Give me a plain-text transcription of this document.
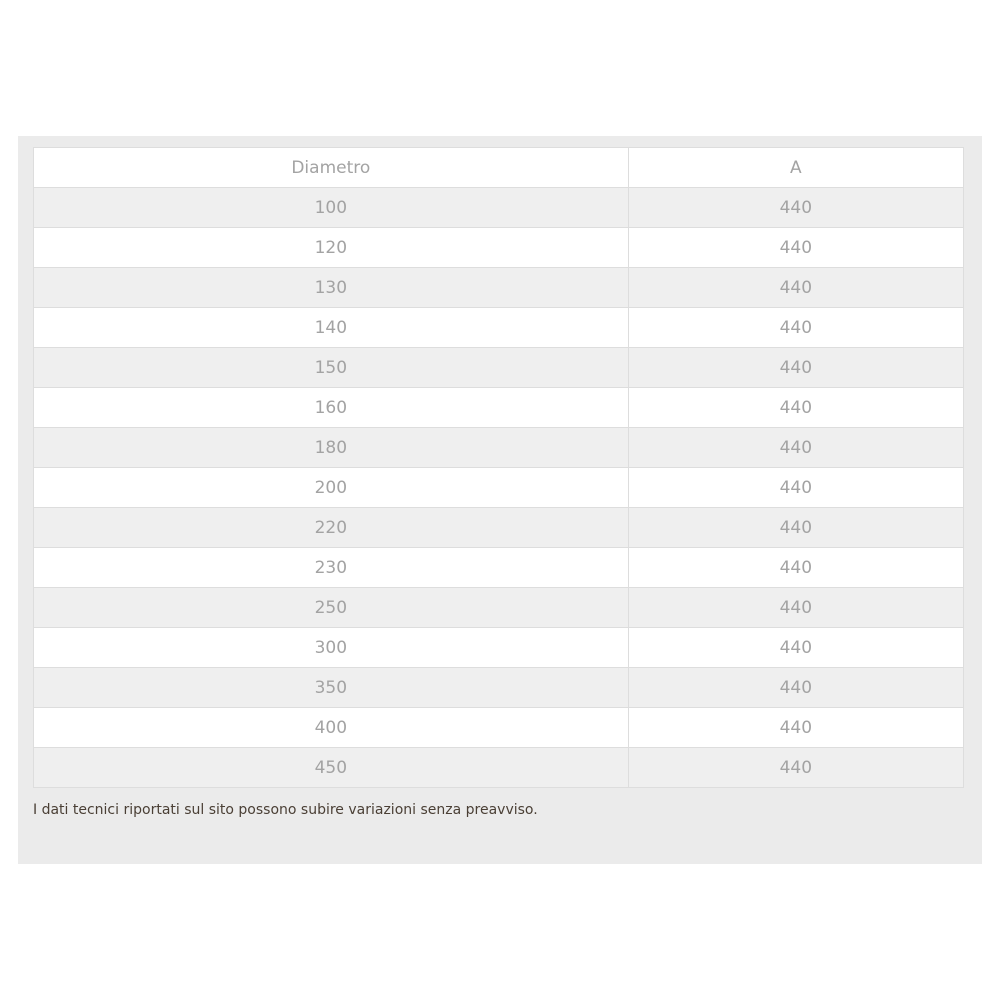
Diametro	A
100	440
120	440
130	440
140	440
150	440
160	440
180	440
200	440
220	440
230	440
250	440
300	440
350	440
400	440
450	440

I dati tecnici riportati sul sito possono subire variazioni senza preavviso.
